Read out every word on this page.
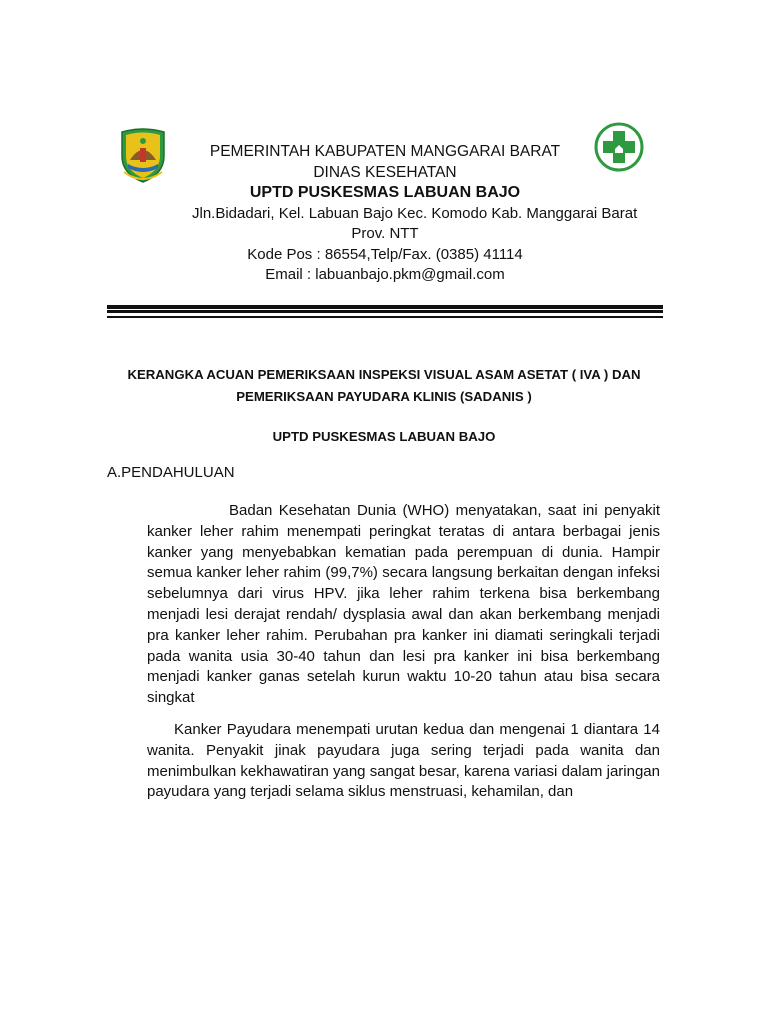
PEMERINTAH KABUPATEN MANGGARAI BARAT
DINAS KESEHATAN
UPTD PUSKESMAS LABUAN BAJO
Jln.Bidadari, Kel. Labuan Bajo Kec. Komodo Kab. Manggarai Barat
Prov. NTT
Kode Pos : 86554,Telp/Fax. (0385) 41114
Email : labuanbajo.pkm@gmail.com
KERANGKA ACUAN PEMERIKSAAN INSPEKSI VISUAL ASAM ASETAT ( IVA ) DAN
PEMERIKSAAN PAYUDARA KLINIS (SADANIS )
UPTD PUSKESMAS LABUAN BAJO
A.PENDAHULUAN
Badan Kesehatan Dunia (WHO) menyatakan, saat ini penyakit kanker leher rahim menempati peringkat teratas di antara berbagai jenis kanker yang menyebabkan kematian pada perempuan di dunia. Hampir semua kanker leher rahim (99,7%) secara langsung berkaitan dengan infeksi sebelumnya dari virus HPV. jika leher rahim terkena bisa berkembang menjadi lesi derajat rendah/ dysplasia awal dan akan berkembang menjadi pra kanker leher rahim. Perubahan pra kanker ini diamati seringkali terjadi pada wanita usia 30-40 tahun dan lesi pra kanker ini bisa berkembang menjadi kanker ganas setelah kurun waktu 10-20 tahun atau bisa secara singkat
Kanker Payudara menempati urutan kedua dan mengenai 1 diantara 14 wanita. Penyakit jinak payudara juga sering terjadi pada wanita dan menimbulkan kekhawatiran yang sangat besar, karena variasi dalam jaringan payudara yang terjadi selama siklus menstruasi, kehamilan, dan
